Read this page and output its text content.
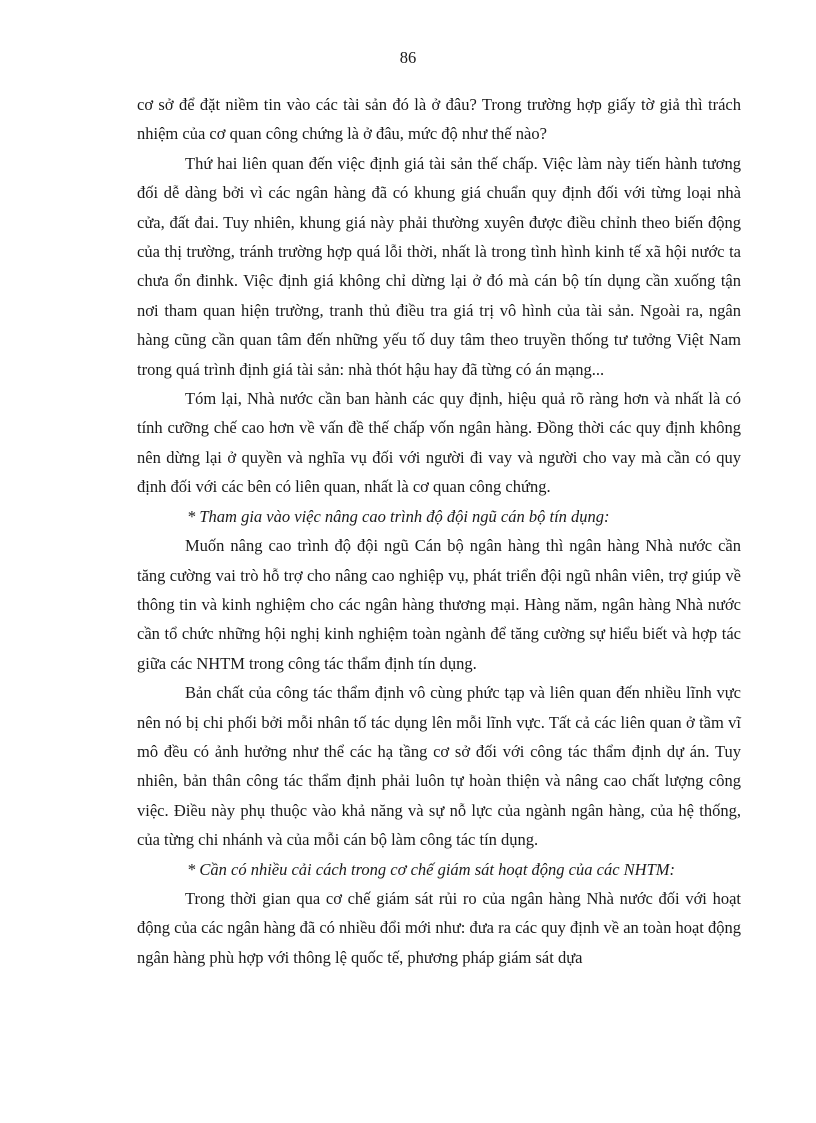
86

cơ sở để đặt niềm tin vào các tài sản đó là ở đâu? Trong trường hợp giấy tờ giả thì trách nhiệm của cơ quan công chứng là ở đâu, mức độ như thế nào?

Thứ hai liên quan đến việc định giá tài sản thế chấp. Việc làm này tiến hành tương đối dễ dàng bởi vì các ngân hàng đã có khung giá chuẩn quy định đối với từng loại nhà cửa, đất đai. Tuy nhiên, khung giá này phải thường xuyên được điều chỉnh theo biến động của thị trường, tránh trường hợp quá lỗi thời, nhất là trong tình hình kinh tế xã hội nước ta chưa ổn đinhk. Việc định giá không chỉ dừng lại ở đó mà cán bộ tín dụng cần xuống tận nơi tham quan hiện trường, tranh thủ điều tra giá trị vô hình của tài sản. Ngoài ra, ngân hàng cũng cần quan tâm đến những yếu tố duy tâm theo truyền thống tư tưởng Việt Nam trong quá trình định giá tài sản: nhà thót hậu hay đã từng có án mạng...

Tóm lại, Nhà nước cần ban hành các quy định, hiệu quả rõ ràng hơn và nhất là có tính cưỡng chế cao hơn về vấn đề thế chấp vốn ngân hàng. Đồng thời các quy định không nên dừng lại ở quyền và nghĩa vụ đối với người đi vay và người cho vay mà cần có quy định đối với các bên có liên quan, nhất là cơ quan công chứng.

* Tham gia vào việc nâng cao trình độ đội ngũ cán bộ tín dụng:

Muốn nâng cao trình độ đội ngũ Cán bộ ngân hàng thì ngân hàng Nhà nước cần tăng cường vai trò hỗ trợ cho nâng cao nghiệp vụ, phát triển đội ngũ nhân viên, trợ giúp về thông tin và kinh nghiệm cho các ngân hàng thương mại. Hàng năm, ngân hàng Nhà nước cần tổ chức những hội nghị kinh nghiệm toàn ngành để tăng cường sự hiểu biết và hợp tác giữa các NHTM trong công tác thẩm định tín dụng.

Bản chất của công tác thẩm định vô cùng phức tạp và liên quan đến nhiều lĩnh vực nên nó bị chi phối bởi mỗi nhân tố tác dụng lên mỗi lĩnh vực. Tất cả các liên quan ở tầm vĩ mô đều có ảnh hưởng như thể các hạ tầng cơ sở đối với công tác thẩm định dự án. Tuy nhiên, bản thân công tác thẩm định phải luôn tự hoàn thiện và nâng cao chất lượng công việc. Điều này phụ thuộc vào khả năng và sự nỗ lực của ngành ngân hàng, của hệ thống, của từng chi nhánh và của mỗi cán bộ làm công tác tín dụng.

* Cần có nhiều cải cách trong cơ chế giám sát hoạt động của các NHTM:

Trong thời gian qua cơ chế giám sát rủi ro của ngân hàng Nhà nước đối với hoạt động của các ngân hàng đã có nhiều đổi mới như: đưa ra các quy định về an toàn hoạt động ngân hàng phù hợp với thông lệ quốc tế, phương pháp giám sát dựa
